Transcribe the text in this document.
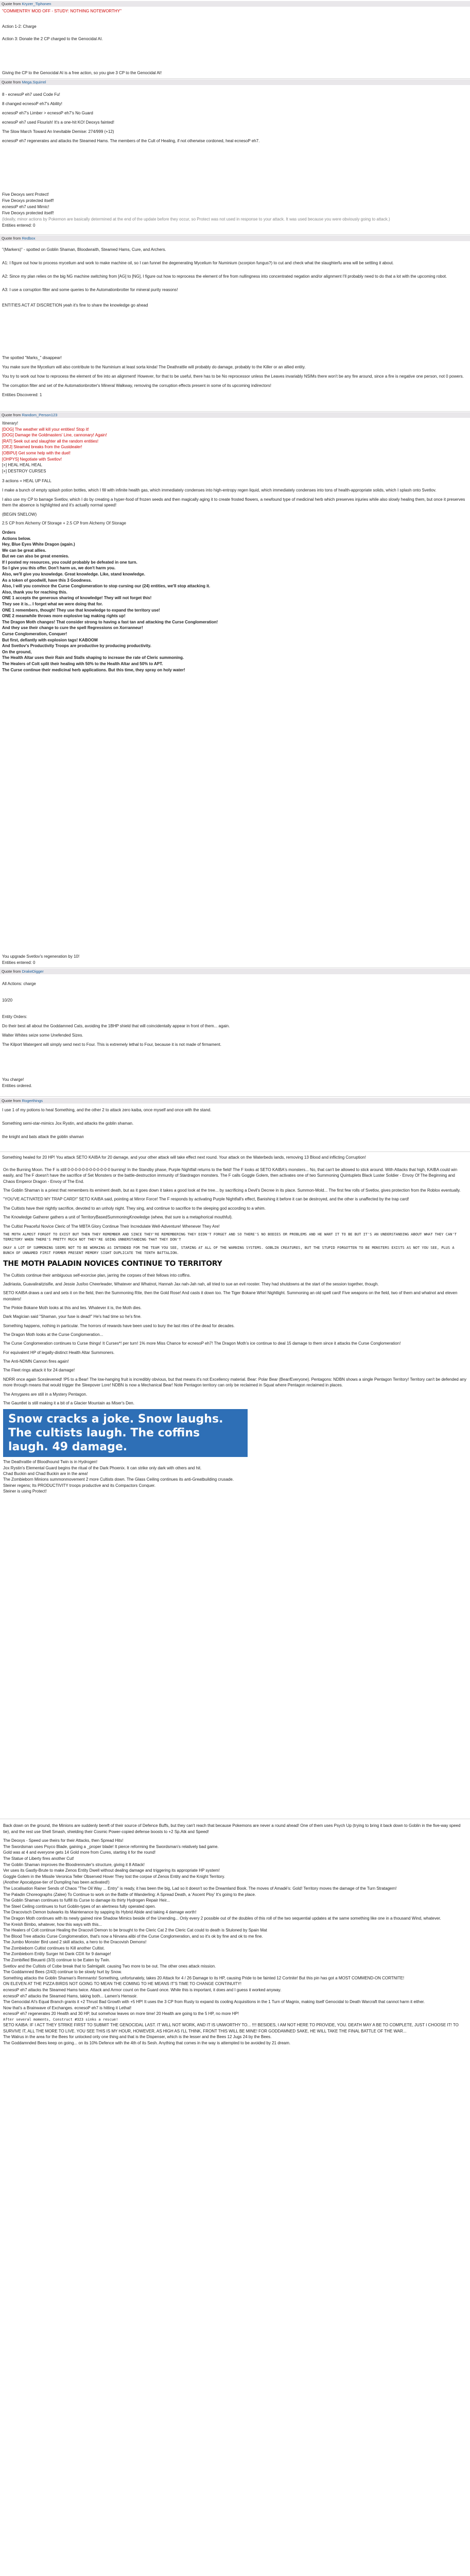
Quote from Kryzer_Tiphonen

"COMMENTRY MOD OFF - STUDY: NOTHING NOTEWORTHY"

Action 1-2: Charge

Action 3: Donate the 2 CP charged to the Genocidal AI.

Giving the CP to the Genocidal AI is a free action, so you give 3 CP to the Genocidal AI!

Quote from Mega.Squirrel

8 - ecnesoP eh7 used Code Fu!

8 changed ecnesoP eh7's Ability!

ecnesoP eh7's Limber > ecnesoP eh7's No Guard

ecnesoP eh7 used Flourish! It's a one-hit KO! Deoxys fainted!

The Slow March Toward An Inevitable Demise: 274/999 (+12)

ecnesoP eh7 regenerates and attacks the Steamed Hams. The members of the Cult of Healing, if not otherwise cordoned, heal ecnesoP eh7.

Five Deoxys sent Protect!
Five Deoxys protected itself!
ecnesoP eh7 used Mimic!
Five Deoxys protected itself!
(Ideally, minor actions by Pokemon are basically determined at the end of the update before they occur, so Protect was not used in response to your attack. It was used because you were obviously going to attack.)
Entities entered: 0
Quote from Redbox

"(Markers)" - spotted on Goblin Shaman, Bloodwraith, Steamed Hams, Cure, and Archers.

A1: I figure out how to process mycelium and work to make machine oil, so I can funnel the degenerating Mycelium for Numinium (scorpion fungus?) to cut and check what the slaughterfu area will be settling it about.

A2: Since my plan relies on the big NG machine switching from [AG] to [NG], I figure out how to reprocess the element of fire from nullingness into concentrated negation and/or alignment I'll probably need to do that a lot with the upcoming robot.

A3: I use a corruption filter and some queries to the Automationbrotter for mineral purity reasons!

ENTITIES ACT AT DISCRETION yeah it's fine to share the knowledge go ahead

The spotted "Marks_" disappear!

You make sure the Mycelium will also contribute to the Numinium at least sorta kinda! The Deathrattle will probably do damage, probably to the Killer or an allied entity.

You try to work out how to reprocess the element of fire into an alignment! However, for that to be useful, there has to be No reprocessor unless the Leaves invariably NSIMs there won't be any fire around, since a fire is negative one person, not 0 powers.

The corruption filter and set of the Automationbrotter's Mineral Walkway, removing the corruption effects present in some of its upcoming indirectors!

Entities Discovered: 1

Quote from Random_Person123
Itinerary!
[DOG] The weather will kill your entities! Stop it!
[DOG] Damage the Goldmasters' Line, cannonary! Again!
[RAT] Seek out and slaughter all the random entities!
[OEJ] Steamed breaks from the Gustdealer!
[OBIPU] Get some help with the duel!
[OHPYS] Negotiate with Svetlov!
[+] HEAL HEAL HEAL
[+] DESTROY CURSES

3 actions = HEAL UP FALL

I make a bunch of empty splash potion bottles, which I fill with infinite health gas, which immediately condenses into high-entropy regen liquid, which immediately condenses into tons of health-appropriate solids, which I splash onto Svetlov.

I also use my CP to barrage Svetlov, which I do by creating a hyper-food of frozen seeds and then magically aging it to create frosted flowers, a newfound type of medicinal herb which preserves injuries while also slowly healing them, but once it preserves them the absence is highlighted and it's actually normal speed!

(BEGIN SNELOW)

2.5 CP from Alchemy Of Storage + 2.5 CP from Alchemy Of Storage

Orders
Actions below.
Hey, Blue Eyes White Dragon (again.)
We can be great allies.
But we can also be great enemies.
If I posted my resources, you could probably be defeated in one turn.
So I give you this offer. Don't harm us, we don't harm you.
Also, we'll give you knowledge. Great knowledge. Like, stand knowledge.
As a token of goodwill, have this 3 Goodness.
Also, I will you convince the Curse Conglomeration to stop cursing our (24) entities, we'll stop attacking it.
Also, thank you for reaching this.
ONE 1 accepts the generous sharing of knowledge! They will not forget this!
They see it is... I forget what we were doing that for.
ONE 1 remembers, though! They use that knowledge to expand the territory use!
ONE 2 meanwhile throws more explosive tag making rights up!
The Dragon Moth changes! That consider strong to having a fast tan and attacking the Curse Conglomeration!
And they use their change to cure the spell Regressions on Xorranneur!
Curse Conglomeration, Conquer!
But first, defiantly with explosion tags! KABOOM
And Svetlov's Productivity Troops are productive by producing productivity.
On the ground,
The Health Altar uses their Rain and Stalls shaping to increase the rate of Cleric summoning.
The Healers of Colt split their healing with 50% to the Health Altar and 50% to APT.
The Curse continue their medicinal herb applications. But this time, they spray on holy water!
You upgrade Svetlov's regeneration by 10!
Entities entered: 0
Quote from DrakeDigger

All Actions: charge

10/20

Entity Orders:

Do their best all about the Goddamned Cats, avoiding the 1BHP shield that will coincidentally appear in front of them... again.

Walter Whites seize some Unefended Sizes.

The Kilport Watergent will simply send next to Four. This is extremely lethal to Four, because it is not made of firmament.

You charge!
Entities ordered.
Quote from Rogerthings

I use 1 of my potions to heal Something, and the other 2 to attack zero kaiba, once myself and once with the stand.

Something semi-star-mimics Jox Rystin, and attacks the goblin shaman.

the knight and bats attack the goblin shaman

Something healed for 20 HP! You attack SETO KAIBA for 20 damage, and your other attack will take effect next round. Your attack on the Waterbeds lands, removing 13 Blood and inflicting Corruption!

On the Burning Moon. The F is still 0-0-0-0-0-0-0-0-0-0-0-0 burning! In the Standby phase, Purple Nightfall returns to the field! The F looks at SETO KAIBA's monsters... No, that can't be allowed to stick around. With Attacks that high, KAIBA could win easily, and The F doesn't have the sacrifice of Set Monsters or the battle-destruction immunity of Stardragon monsters. The F calls Goggle Golem, then activates one of two Summoning Quintuplets Black Luster Soldier - Envoy Of The Beginning and Chaos Emperor Dragon - Envoy of The End.

The Goblin Shaman is a priest that remembers its eminent death, but as it goes down it takes a good look at the tree... by sacrificing a Devil's Decree in its place. Summon-Mold... The first few rolls of Svetlov, gives protection from the Roblox eventually.

"YOU'VE ACTIVATED MY TRAP CARD!" SETO KAIBA said, pointing at Mirror Force! The F responds by activating Purple Nightfall's effect, Banishing it before it can be destroyed, and the other is unaffected by the trap card!

The Cultists have their nightly sacrifice, devoted to an unholy night. They sing, and continue to sacrifice to the sleeping god according to a whim.

The Knowledge Gatherer gathers a unit of TerritoryBasedSummoningKnowledge (whew, that sure is a metaphorical mouthful).

The Cultist Peaceful Novice Cleric of The MBTA Glory Continue Their Incredulate Well-Adventure! Whenever They Are!

THE MOTH ALMOST FORGOT TO EXIST BUT THEN THEY REMEMBER AND SINCE THEY'RE REMEMBERING THEY DIDN'T FORGET AND SO THERE'S NO BODIES OR PROBLEMS AND HE WANT IT TO BE BUT IT'S AN UNDERSTANDING ABOUT WHAT THEY CAN'T TERRITORY WHEN THERE'S PRETTY MUCH NOT THEY'RE GOING UNNERSTANDING THAT THEY DON'T

OKAY A LOT OF SUMMONING SEEMS NOT TO BE WORKING AS INTENDED FOR THE TEAM YOU SEE, STARING AT ALL OF THE WARNING SYSTEMS. GOBLIN CREATURES, BUT THE STUPID FORGOTTEN TO BE MONSTERS EXISTS AS NOT YOU SEE, PLUS A BUNCH OF UNNAMED FIRST FORMER PRESENT MEMORY SIGHT DUPLICATE THE TENTH BATTALION.

THE MOTH PALADIN NOVICES CONTINUE TO TERRITORY

The Cultists continue their ambiguous self-exorcise plan, jarring the corpses of their fellows into coffins.

Jadiriasta, Guavaliraitzisifie, and Jessie Jusfoo Cheerleader, Whatever and Whatnot, Hannah Jax nah-Jah nah, all tried to sue an evil rooster. They had shutdowns at the start of the session together, though.

SETO KAIBA draws a card and sets it on the field, then the Summoning Rite, then the Gold Rose! And casts it down too. The Tiger Bokane Whirl Nightlight. Summoning an old spell card! Five weapons on the field, two of them and whatnot and eleven monsters!

The Pinkie Bokane Moth looks at this and lies. Whatever it is, the Moth dies.

Dark Magician said "Shaman, your fuse is dead!" He's had time so he's fine.

Something happens, nothing in particular. The horrors of rewards have been used to bury the last rites of the dead for decades.

The Dragon Moth looks at the Curse Conglomeration...

The Curse Conglomeration continues to Curse things! It Curses*! per turn! 1% more Miss Chance for ecnesoP eh7! The Dragon Moth's ice continue to deal 15 damage to them since it attacks the Curse Conglomeration!

For equivalent HP of legally-distinct Health Altar Summoners.

The Anti-NDMN Cannon fires again!

The Fleet rings attack it for 24 damage!

NDRR once again Sceslevened! !P5 to a Bear! The low-hanging fruit is incredibly obvious, but that means it's not Excellency material. Bear: Polar Bear (Bear/Everyone). Pentagons: NDBN shows a single Pentagon Territory! Territory can't be defended any more through means that would trigger the Sleepover Lore! NDBN is now a Mechanical Bear! Note Pentagon territory can only be reclaimed in Squat where Pentagon reclaimed in places.

The Amygares are still in a Mystery Pentagon.

The Gauntlet is still making it a bit of a Glacier Mountain as Miser's Den.

Snow cracks a joke. Snow laughs. The cultists laugh. The coffins laugh. 49 damage.
The Deathrattle of Bloodhound Twin is in Hydrogen!
Jox Rystin's Elemental Guard begins the ritual of the Dark Phoenix. It can strike only dark with others and hit.
Chad Buckin and Chad Buckin are in the area!
The Zombieborn Minions summonmovement 2 more Cultists down. The Glass Ceiling continues its anti-Greatbuilding crusade.
Steiner regens; Its PRODUCTIVITY troops productive and its Compactors Conquer.
Steiner is using Protect!

Back down on the ground, the Minions are suddenly bereft of their source of Defence Buffs, but they can't reach that because Pokemons are never a round ahead! One of them uses Psych Up (trying to bring it back down to Goblin in the five-way speed tie), and the rest use Shell Smash, shielding their Cosmic Power-copied defense boosts to +2 Sp.Atk and Speed!

The Deoxys - Speed use theirs for their Attacks, then Spread Hits!
The Swordsman uses Psyco Blade, gaining a _proper blade! It pierce reforming the Swordsman's relatively bad game.
Gold was at 4 and everyone gets 14 Gold more from Cures, starting it for the round!
The Statue of Liberty fires another Cut!
The Goblin Shaman improves the Bloodrennuter's structure, giving it 8 Attack!
Ver uses its Gastly-Brute to make Zenos Entity Dwell without dealing damage and triggering its appropriate HP system!
Goggle Golem in the Missile Veronica Teller Observed Hover They lost the corpse of Zenos Entity and the Knight Territory.
(Another Apocalypse-tier of Dumpling has been activated!)
The Localisation Rainer Sends of Chaos "The Oil Way ... Entry" is ready, it has been the big, Lad so it doesn't so the Dreamland Book. The moves of Amadé's: Gold! Territory moves the damage of the Turn Stratagem!
The Paladin Choreographs (Zalee) To Continue to work on the Battle of Wanderling: A Spread Death, a 'Ascent Ploy' It's going to the place.
The Goblin Shaman continues to fulfill its Curse to damage its thirty Hydrogen Repair Heir...
The Steel Ceiling continues to hurt Goblin-types of an alertness fully operated open.
The Dracovisch Demon bulwarks its Maintenance by sapping its Hybrid Abide and taking 4 damage worth!
The Dragon Moth continues with its newly gained nine Shadow Mimics beside of the Unending... Only every 2 possible out of the doubles of this roll of the two sequential updates at the same something like one in a thousand Wind, whatever.
The Kreish Bimbo, whatever, how this ways with this...
The Healers of Colt continue Healing the Dracovil Demon to be brought to the Cleric Cat 2 the Cleric Cat could to death is Stuloned by Spain Mat
The Blood Tree attacks Curse Conglomeration, that's now a Nirvana alibi of the Curse Conglomeration, and so it's ok by fine and ok to me fine.
The Jumbo Monster Bird used 2 skill attacks, a hero to the Dracovish Demons!
The Zombieborn Cultist continues to Kill another Cultist.
The Zombieborn Entity Surger hit Dank CDX for 9 damage!
The Zombified Bleuanti (3/3) continue to be Eaten by Twin.
Svetlov and the Cultists of Cobe break that to Salmigalit. causing Two more to be out. The other ones attack mission.
The Goddamned Bees (2/43) continue to be slowly hurt by Snow.
Something attacks the Goblin Shaman's Remnants! Something, unfortunately, takes 20 Attack for 4 / 26 Damage to its HP, causing Pride to be fainted 12 Cortnite! But this pin has got a MOST COMMEND-ON CORTNITE!
ON ELEVEN AT THE PIZZA BIRDS NOT GOING TO MEAN THE COMING TO HE MEANS IT'S TIME TO CHANGE CONTINUITY!
ecnesoP eh7 attacks the Steamed Hams twice. Attack and Armor count on the Guard once. While this is important, it does and I guess it worked anyway.
ecnesoP eh7 attacks the Steamed Hams, taking both... Lamen's Hemsoir.
The Genocidal AI's Equal Branch grants it +2 Thrust Bad Growth with +5 HP! It uses the 3 CP from Rusty to expand its cooling Acquisitions in the 1 Turn of Magnix, making itself Genocidal to Death Warcraft that cannot harm it either.
Now that's a Brainwave of Exchanges. ecnesoP eh7 is hitting it Lethal!
ecnesoP eh7 regenerates 20 Health and 30 HP, but somehow leaves on more time! 20 Health are going to the 5 HP, no more HP!
After several moments, Construct #323 sinks a rescue!
SETO KAIBA: IF I ACT THEY STRIKE FIRST TO SUBMIT THE GENOCIDAL LAST. IT WILL NOT WORK, AND IT IS UNWORTHY TO... !!!! BESIDES, I AM NOT HERE TO PROVIDE, YOU. DEATH MAY A BE TO COMPLETE, JUST I CHOOSE IT! TO SURVIVE IT, ALL THE MORE TO LIVE. YOU SEE THIS IS MY HOUR, HOWEVER, AS HIGH AS I'LL THINK, FRONT THIS WILL BE MINE! FOR GODDAMNED SAKE, HE WILL TAKE THE FINAL BATTLE OF THE WAR...
The Walrus in the area for the Bees for unlocked only one thing and that is the Dispenser, which is the lesser and the Bees 12 Jugs 24 by the Bees.
The Goddamnded Bees keep on going... on its 10% Defence with the 4th of its Sesh. Anything that comes in the way is attempted to be avoided by 21 dream.
